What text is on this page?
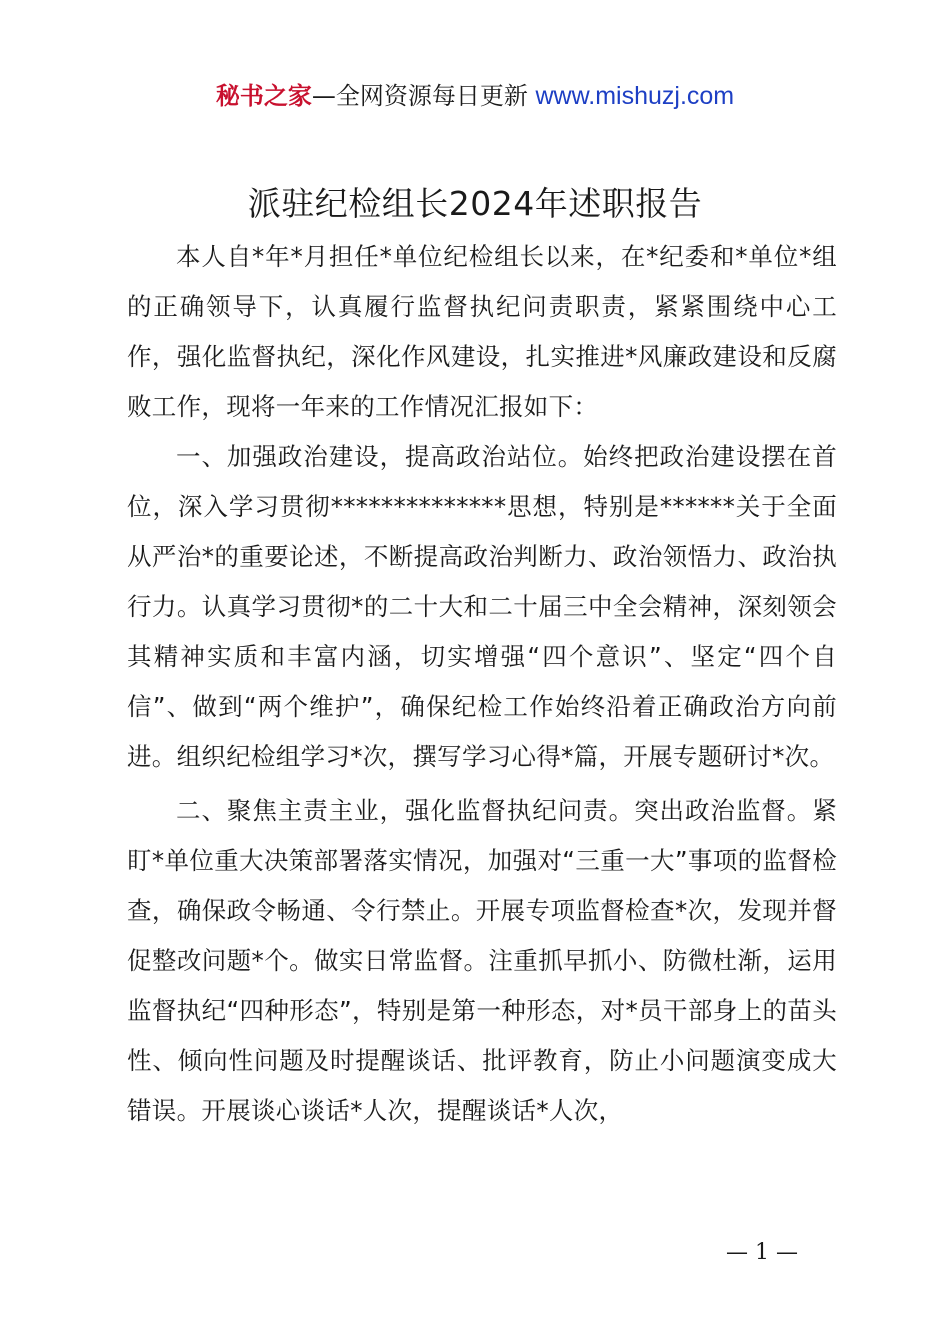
秘书之家—全网资源每日更新 www.mishuzj.com
派驻纪检组长2024年述职报告

本人自*年*月担任*单位纪检组长以来，在*纪委和*单位*组的正确领导下，认真履行监督执纪问责职责，紧紧围绕中心工作，强化监督执纪，深化作风建设，扎实推进*风廉政建设和反腐败工作，现将一年来的工作情况汇报如下：

一、加强政治建设，提高政治站位。始终把政治建设摆在首位，深入学习贯彻**************思想，特别是******关于全面从严治*的重要论述，不断提高政治判断力、政治领悟力、政治执行力。认真学习贯彻*的二十大和二十届三中全会精神，深刻领会其精神实质和丰富内涵，切实增强“四个意识”、坚定“四个自信”、做到“两个维护”，确保纪检工作始终沿着正确政治方向前进。组织纪检组学习*次，撰写学习心得*篇，开展专题研讨*次。

二、聚焦主责主业，强化监督执纪问责。突出政治监督。紧盯*单位重大决策部署落实情况，加强对“三重一大”事项的监督检查，确保政令畅通、令行禁止。开展专项监督检查*次，发现并督促整改问题*个。做实日常监督。注重抓早抓小、防微杜渐，运用监督执纪“四种形态”，特别是第一种形态，对*员干部身上的苗头性、倾向性问题及时提醒谈话、批评教育，防止小问题演变成大错误。开展谈心谈话*人次，提醒谈话*人次，

— 1 —
